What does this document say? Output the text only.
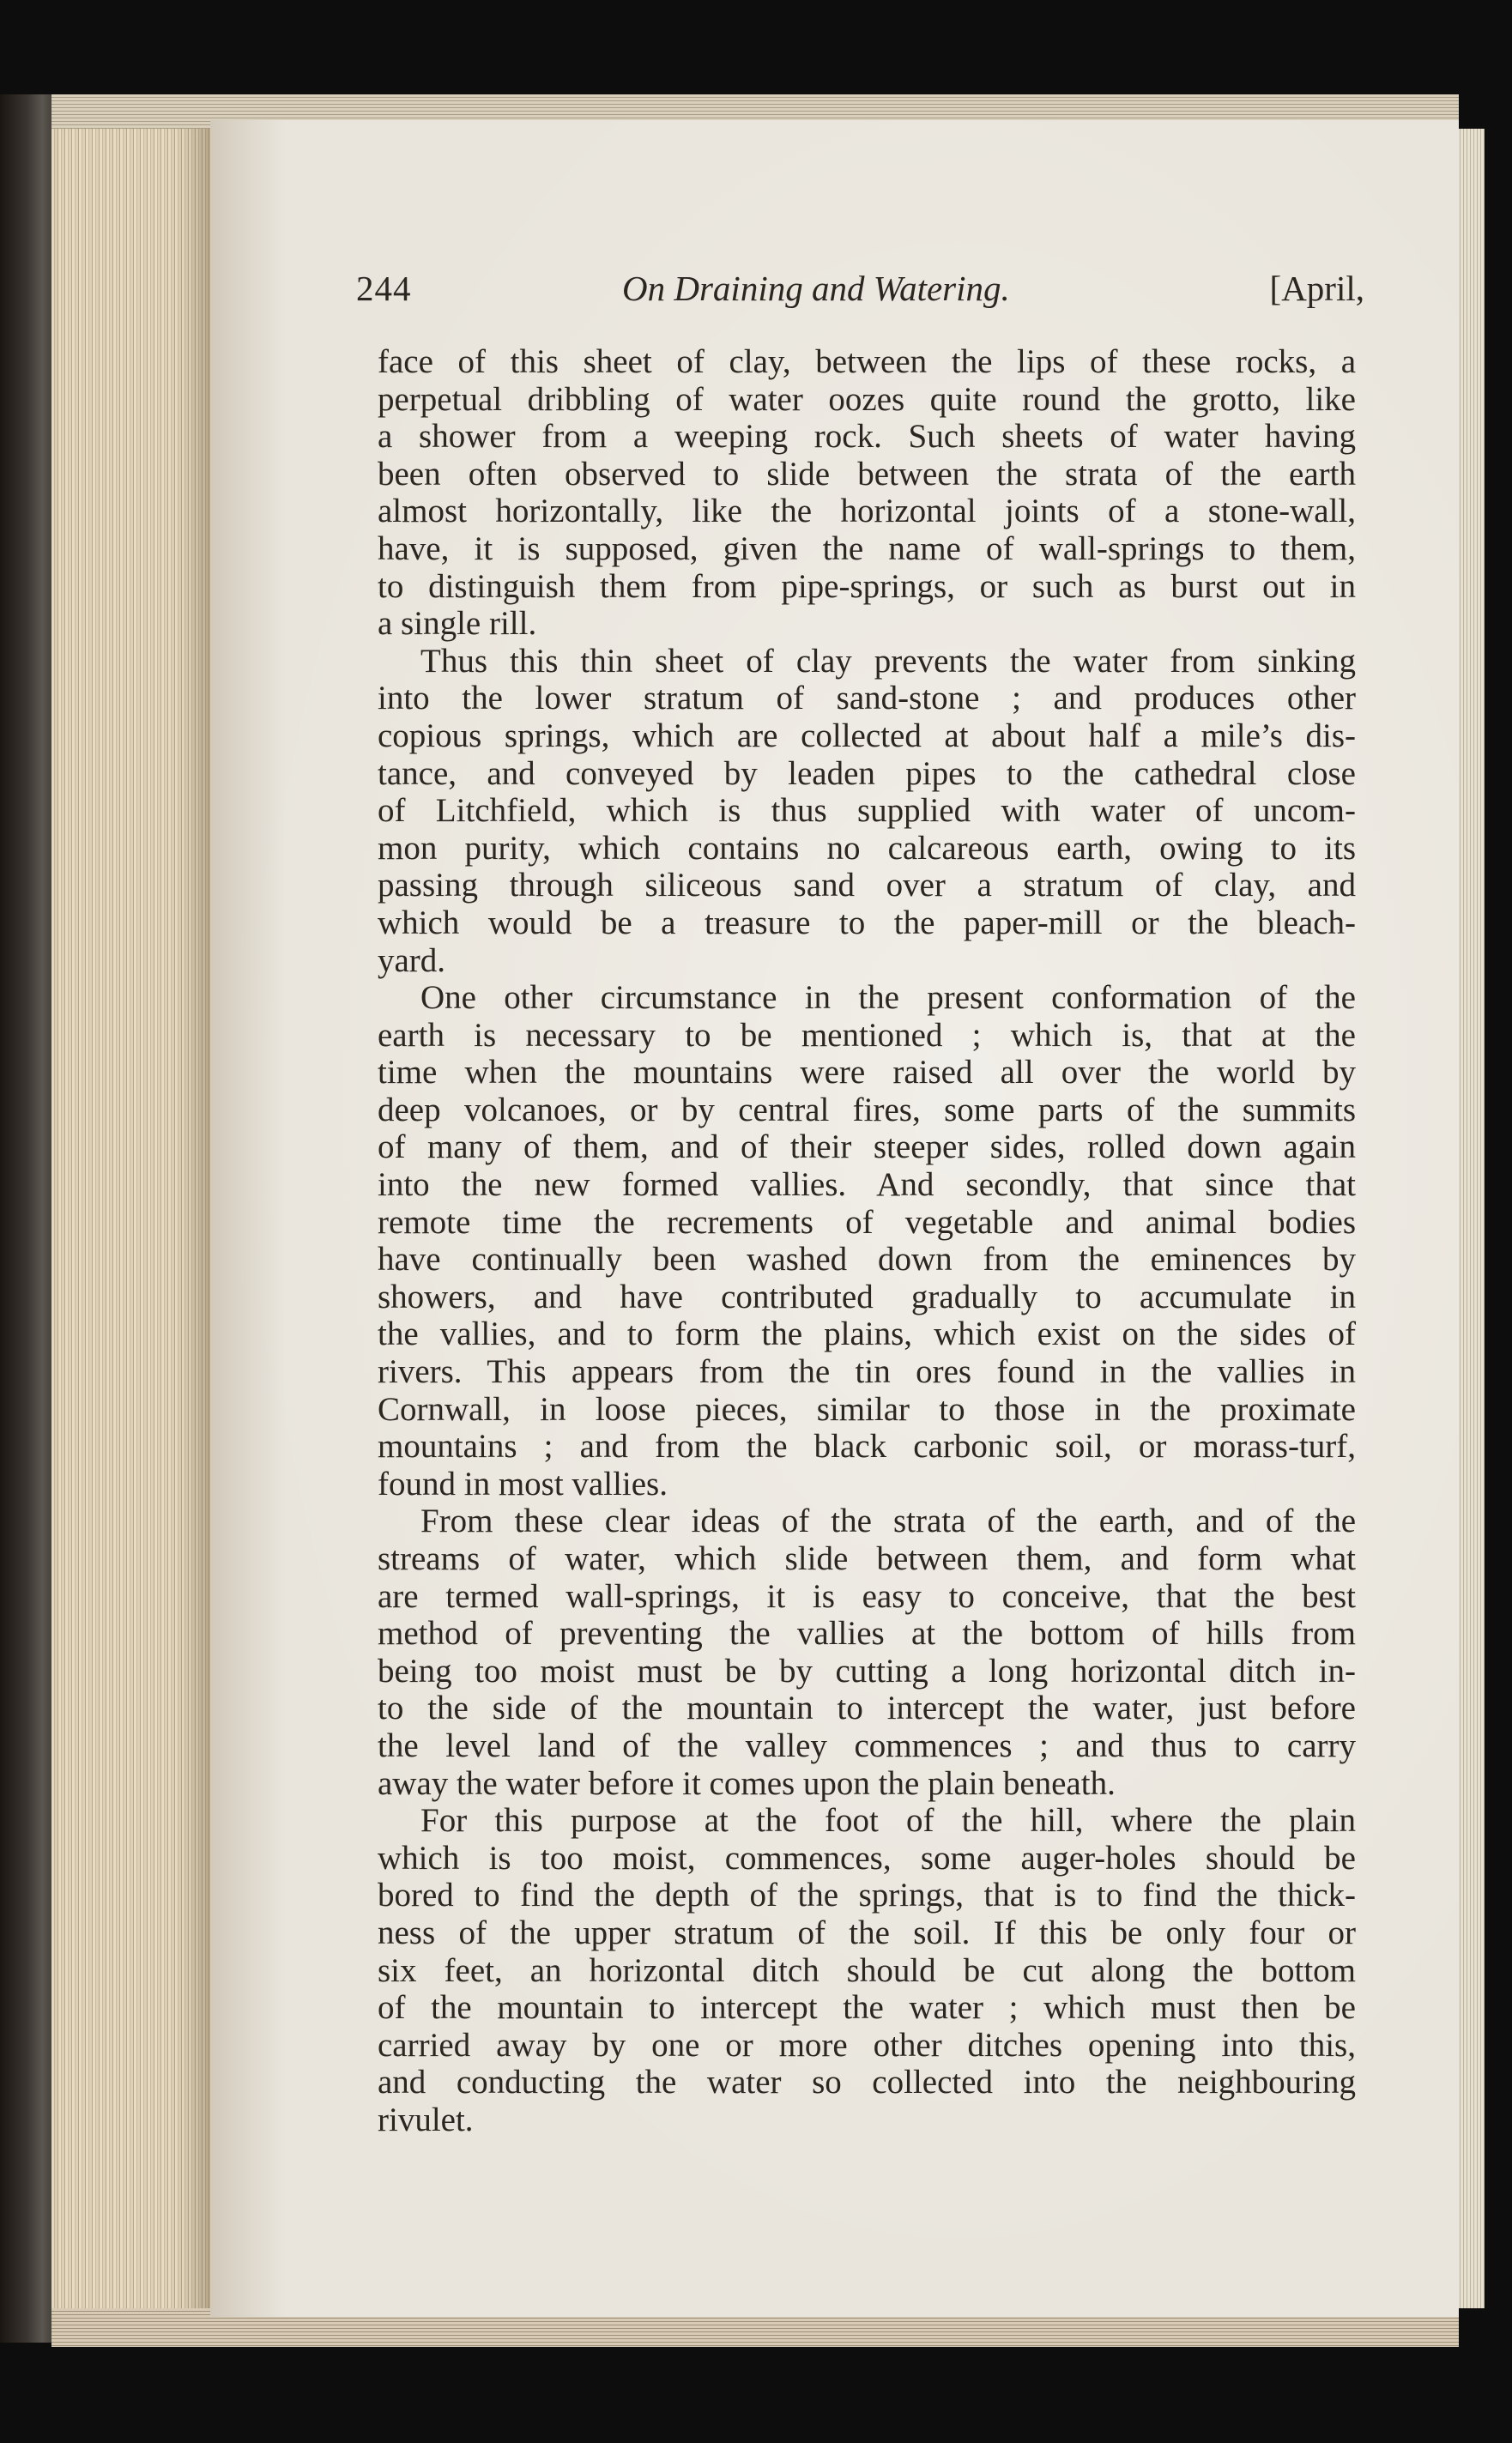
244	On Draining and Watering.	[April,
face of this sheet of clay, between the lips of these rocks, a
perpetual dribbling of water oozes quite round the grotto, like
a shower from a weeping rock. Such sheets of water having
been often observed to slide between the strata of the earth
almost horizontally, like the horizontal joints of a stone-wall,
have, it is supposed, given the name of wall-springs to them,
to distinguish them from pipe-springs, or such as burst out in
a single rill.
Thus this thin sheet of clay prevents the water from sinking
into the lower stratum of sand-stone ; and produces other
copious springs, which are collected at about half a mile’s dis-
tance, and conveyed by leaden pipes to the cathedral close
of Litchfield, which is thus supplied with water of uncom-
mon purity, which contains no calcareous earth, owing to its
passing through siliceous sand over a stratum of clay, and
which would be a treasure to the paper-mill or the bleach-
yard.
One other circumstance in the present conformation of the
earth is necessary to be mentioned ; which is, that at the
time when the mountains were raised all over the world by
deep volcanoes, or by central fires, some parts of the summits
of many of them, and of their steeper sides, rolled down again
into the new formed vallies. And secondly, that since that
remote time the recrements of vegetable and animal bodies
have continually been washed down from the eminences by
showers, and have contributed gradually to accumulate in
the vallies, and to form the plains, which exist on the sides of
rivers. This appears from the tin ores found in the vallies in
Cornwall, in loose pieces, similar to those in the proximate
mountains ; and from the black carbonic soil, or morass-turf,
found in most vallies.
From these clear ideas of the strata of the earth, and of the
streams of water, which slide between them, and form what
are termed wall-springs, it is easy to conceive, that the best
method of preventing the vallies at the bottom of hills from
being too moist must be by cutting a long horizontal ditch in-
to the side of the mountain to intercept the water, just before
the level land of the valley commences ; and thus to carry
away the water before it comes upon the plain beneath.
For this purpose at the foot of the hill, where the plain
which is too moist, commences, some auger-holes should be
bored to find the depth of the springs, that is to find the thick-
ness of the upper stratum of the soil. If this be only four or
six feet, an horizontal ditch should be cut along the bottom
of the mountain to intercept the water ; which must then be
carried away by one or more other ditches opening into this,
and conducting the water so collected into the neighbouring
rivulet.
